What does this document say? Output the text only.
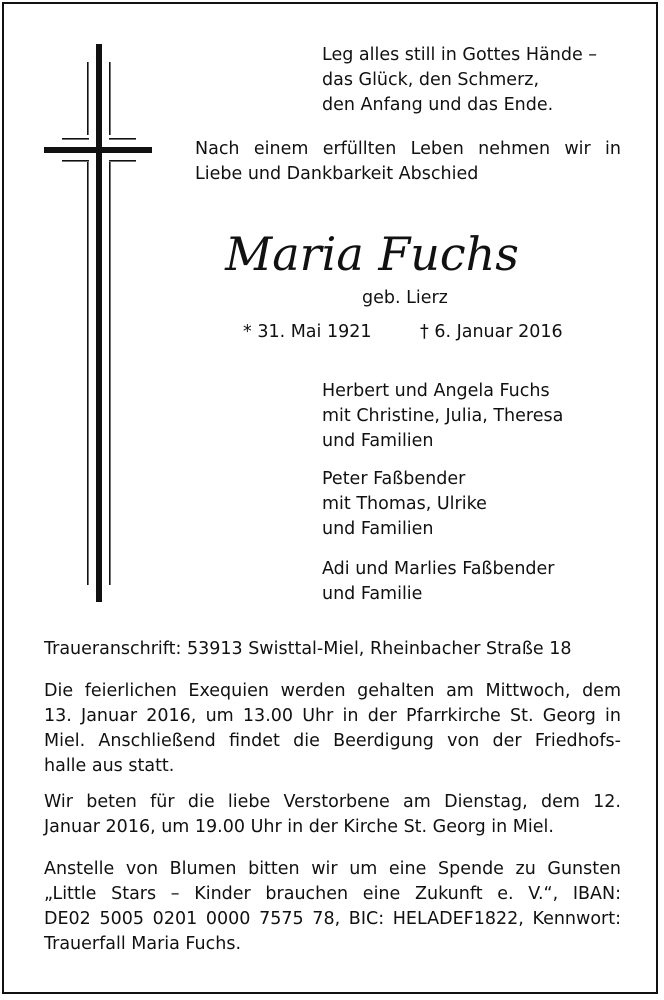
Leg alles still in Gottes Hände –
das Glück, den Schmerz,
den Anfang und das Ende.
Nach einem erfüllten Leben nehmen wir in
Liebe und Dankbarkeit Abschied
Maria Fuchs
geb. Lierz
* 31. Mai 1921	† 6. Januar 2016
Herbert und Angela Fuchs
mit Christine, Julia, Theresa
und Familien
Peter Faßbender
mit Thomas, Ulrike
und Familien
Adi und Marlies Faßbender
und Familie
Traueranschrift: 53913 Swisttal-Miel, Rheinbacher Straße 18
Die feierlichen Exequien werden gehalten am Mittwoch, dem
13. Januar 2016, um 13.00 Uhr in der Pfarrkirche St. Georg in
Miel. Anschließend findet die Beerdigung von der Friedhofs-
halle aus statt.
Wir beten für die liebe Verstorbene am Dienstag, dem 12.
Januar 2016, um 19.00 Uhr in der Kirche St. Georg in Miel.
Anstelle von Blumen bitten wir um eine Spende zu Gunsten
„Little Stars – Kinder brauchen eine Zukunft e. V.“, IBAN:
DE02 5005 0201 0000 7575 78, BIC: HELADEF1822, Kennwort:
Trauerfall Maria Fuchs.
